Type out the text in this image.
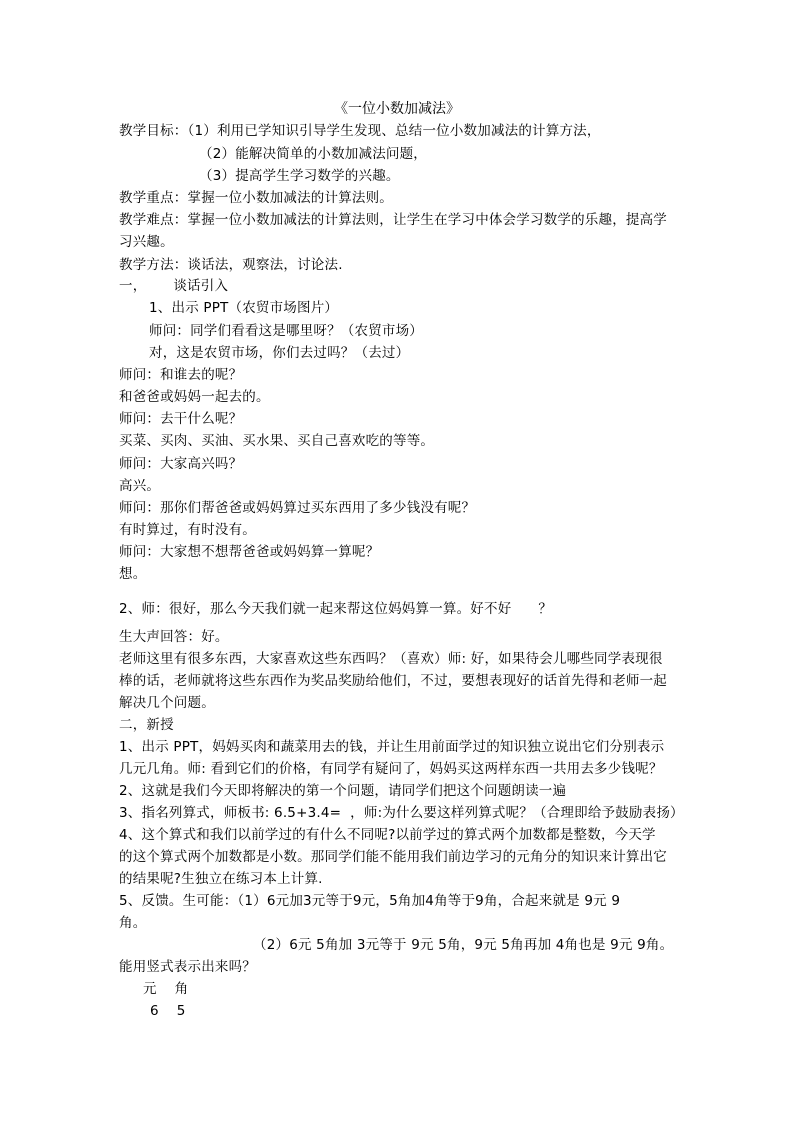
《一位小数加减法》
教学目标：（1）利用已学知识引导学生发现、总结一位小数加减法的计算方法，
（2）能解决简单的小数加减法问题，
（3）提高学生学习数学的兴趣。
教学重点：掌握一位小数加减法的计算法则。
教学难点：掌握一位小数加减法的计算法则，让学生在学习中体会学习数学的乐趣，提高学
习兴趣。
教学方法：谈话法，观察法，讨论法.
一，      谈话引入
1、出示 PPT（农贸市场图片）
师问：同学们看看这是哪里呀？（农贸市场）
对，这是农贸市场，你们去过吗？（去过）
师问：和谁去的呢？
和爸爸或妈妈一起去的。
师问：去干什么呢？
买菜、买肉、买油、买水果、买自己喜欢吃的等等。
师问：大家高兴吗？
高兴。
师问：那你们帮爸爸或妈妈算过买东西用了多少钱没有呢？
有时算过，有时没有。
师问：大家想不想帮爸爸或妈妈算一算呢？
想。
2、师：很好，那么今天我们就一起来帮这位妈妈算一算。好不好      ？
生大声回答：好。
老师这里有很多东西，大家喜欢这些东西吗？（喜欢）师: 好，如果待会儿哪些同学表现很
棒的话，老师就将这些东西作为奖品奖励给他们，不过，要想表现好的话首先得和老师一起
解决几个问题。
二，新授
1、出示 PPT，妈妈买肉和蔬菜用去的钱，并让生用前面学过的知识独立说出它们分别表示
几元几角。师: 看到它们的价格，有同学有疑问了，妈妈买这两样东西一共用去多少钱呢？
2、这就是我们今天即将解决的第一个问题，请同学们把这个问题朗读一遍
3、指名列算式，师板书: 6.5+3.4=  ，师:为什么要这样列算式呢？（合理即给予鼓励表扬）
4、这个算式和我们以前学过的有什么不同呢?以前学过的算式两个加数都是整数，今天学
的这个算式两个加数都是小数。那同学们能不能用我们前边学习的元角分的知识来计算出它
的结果呢?生独立在练习本上计算.
5、反馈。生可能：（1）6元加3元等于9元，5角加4角等于9角，合起来就是 9元 9
角。
（2）6元 5角加 3元等于 9元 5角，9元 5角再加 4角也是 9元 9角。
能用竖式表示出来吗？
元    角
6    5
